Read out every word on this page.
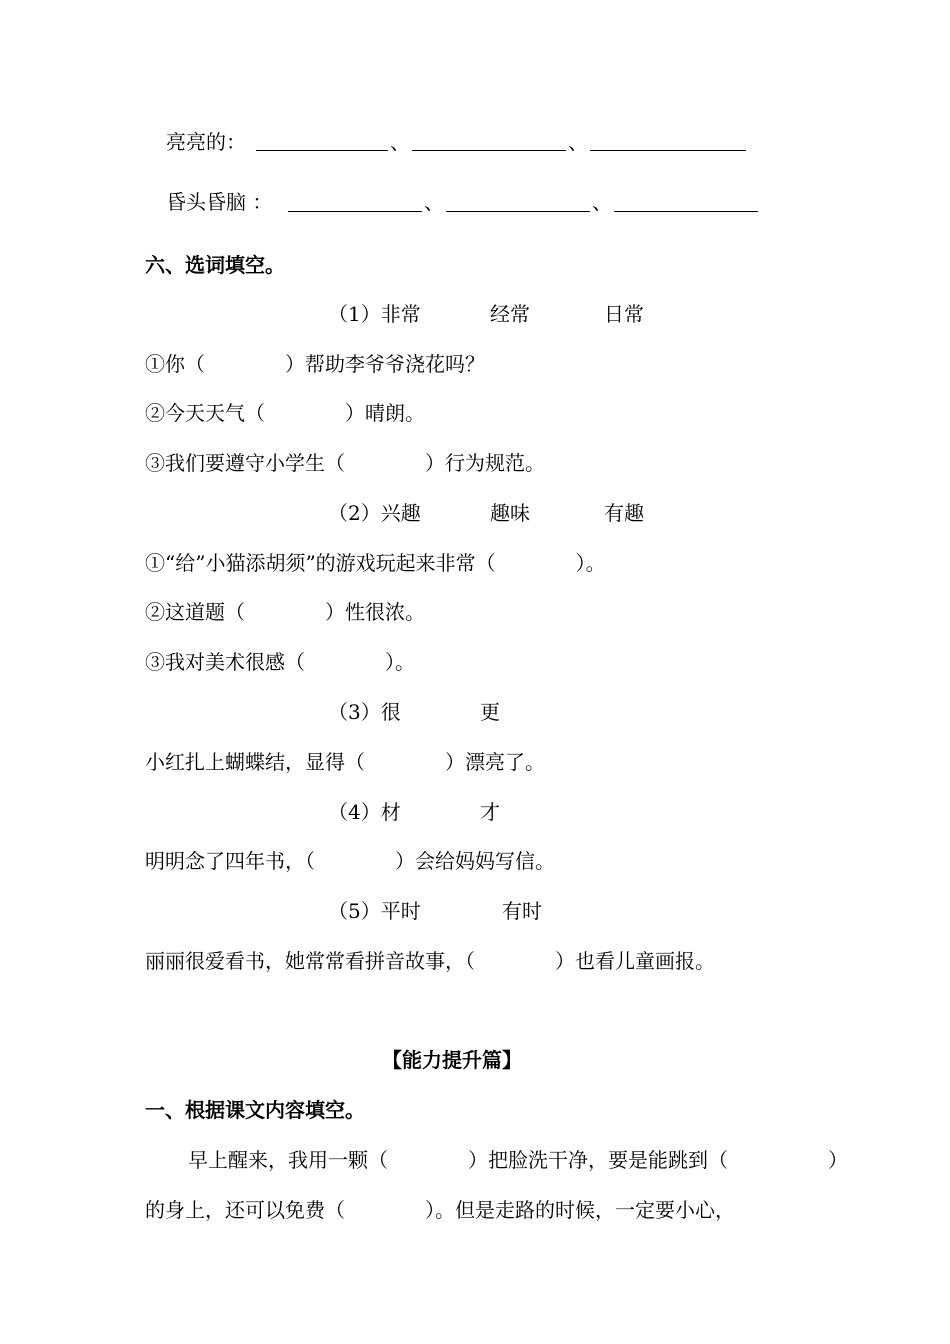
亮亮的：	、	、
昏头昏脑 ：	、	、
六、选词填空。
（1）非常	经常	日常
①你（　　　　）帮助李爷爷浇花吗？
②今天天气（　　　　）晴朗。
③我们要遵守小学生（　　　　）行为规范。
（2）兴趣	趣味	有趣
①“给”小猫添胡须”的游戏玩起来非常（　　　　）。
②这道题（　　　　）性很浓。
③我对美术很感（　　　　）。
（3）很	更
小红扎上蝴蝶结，显得（　　　　）漂亮了。
（4）材	才
明明念了四年书，（　　　　）会给妈妈写信。
（5）平时	有时
丽丽很爱看书，她常常看拼音故事，（　　　　）也看儿童画报。
【能力提升篇】
一、根据课文内容填空。
早上醒来，我用一颗（　　　　）把脸洗干净，要是能跳到（　　　　　）
的身上，还可以免费（　　　　）。但是走路的时候，一定要小心，
